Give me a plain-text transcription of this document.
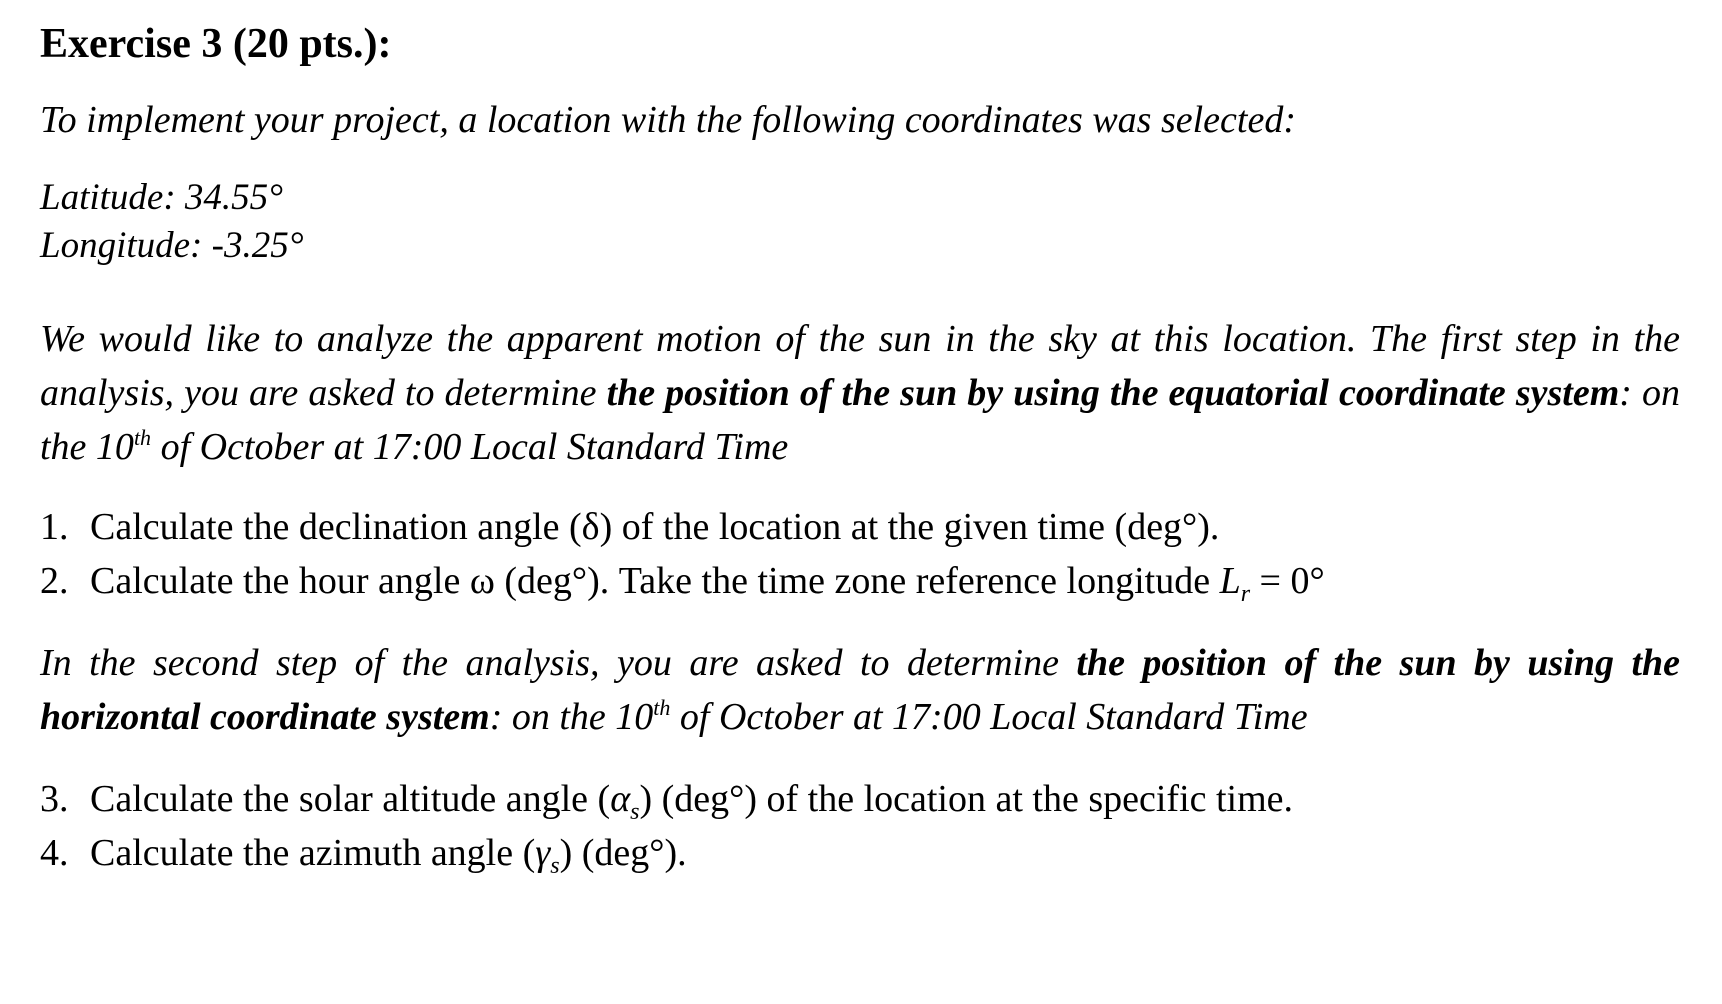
Exercise 3 (20 pts.):
To implement your project, a location with the following coordinates was selected:
Latitude: 34.55°
Longitude: -3.25°
We would like to analyze the apparent motion of the sun in the sky at this location. The first step in the analysis, you are asked to determine the position of the sun by using the equatorial coordinate system: on the 10th of October at 17:00 Local Standard Time
1. Calculate the declination angle (δ) of the location at the given time (deg°).
2. Calculate the hour angle ω (deg°). Take the time zone reference longitude $L_r = 0^\circ$
In the second step of the analysis, you are asked to determine the position of the sun by using the horizontal coordinate system: on the 10th of October at 17:00 Local Standard Time
3. Calculate the solar altitude angle $(\alpha_s)$ (deg°) of the location at the specific time.
4. Calculate the azimuth angle $(\gamma_s)$ (deg°).
